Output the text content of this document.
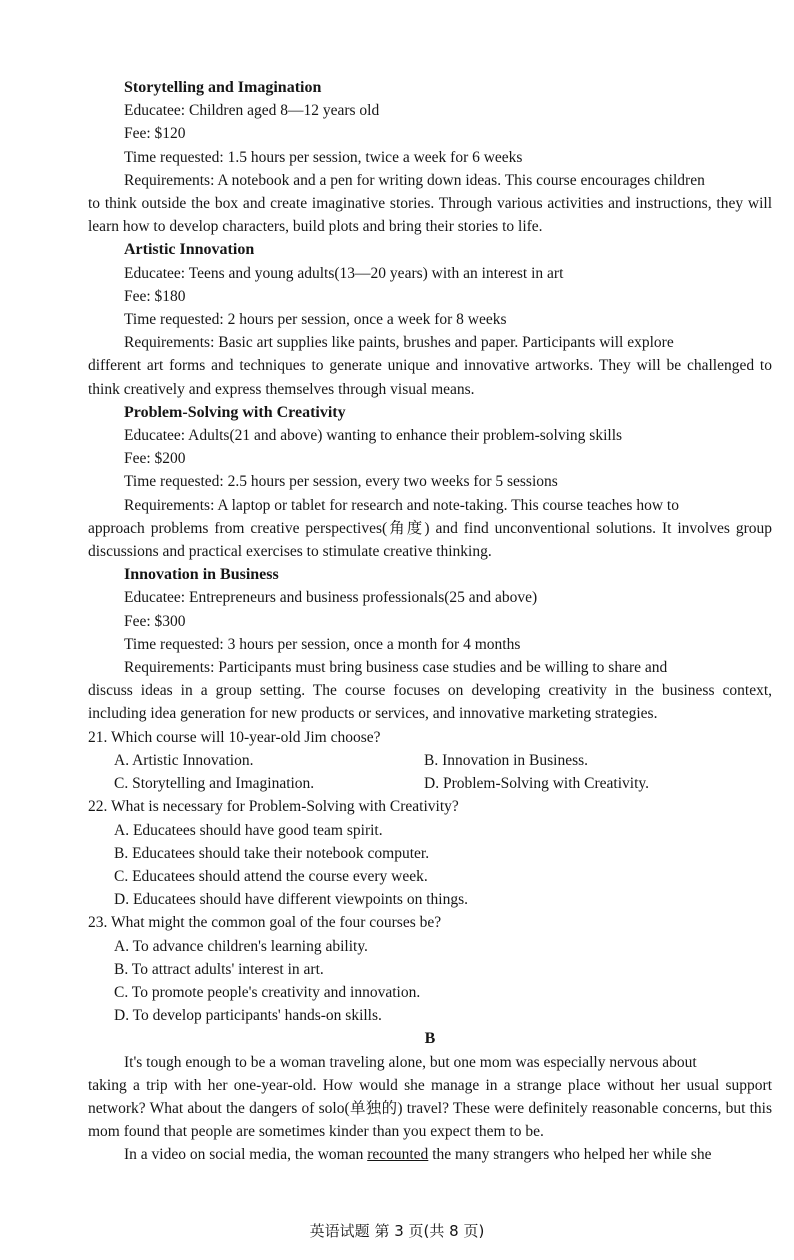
Storytelling and Imagination
Educatee: Children aged 8—12 years old
Fee: $120
Time requested: 1.5 hours per session, twice a week for 6 weeks
Requirements: A notebook and a pen for writing down ideas. This course encourages children
to think outside the box and create imaginative stories. Through various activities and instructions, they will learn how to develop characters, build plots and bring their stories to life.
Artistic Innovation
Educatee: Teens and young adults(13—20 years) with an interest in art
Fee: $180
Time requested: 2 hours per session, once a week for 8 weeks
Requirements: Basic art supplies like paints, brushes and paper. Participants will explore
different art forms and techniques to generate unique and innovative artworks. They will be challenged to think creatively and express themselves through visual means.
Problem-Solving with Creativity
Educatee: Adults(21 and above) wanting to enhance their problem-solving skills
Fee: $200
Time requested: 2.5 hours per session, every two weeks for 5 sessions
Requirements: A laptop or tablet for research and note-taking. This course teaches how to
approach problems from creative perspectives(角度) and find unconventional solutions. It involves group discussions and practical exercises to stimulate creative thinking.
Innovation in Business
Educatee: Entrepreneurs and business professionals(25 and above)
Fee: $300
Time requested: 3 hours per session, once a month for 4 months
Requirements: Participants must bring business case studies and be willing to share and
discuss ideas in a group setting. The course focuses on developing creativity in the business context, including idea generation for new products or services, and innovative marketing strategies.
21. Which course will 10-year-old Jim choose?
A. Artistic Innovation.	B. Innovation in Business.
C. Storytelling and Imagination.	D. Problem-Solving with Creativity.
22. What is necessary for Problem-Solving with Creativity?
A. Educatees should have good team spirit.
B. Educatees should take their notebook computer.
C. Educatees should attend the course every week.
D. Educatees should have different viewpoints on things.
23. What might the common goal of the four courses be?
A. To advance children's learning ability.
B. To attract adults' interest in art.
C. To promote people's creativity and innovation.
D. To develop participants' hands-on skills.
B
It's tough enough to be a woman traveling alone, but one mom was especially nervous about
taking a trip with her one-year-old. How would she manage in a strange place without her usual support network? What about the dangers of solo(单独的) travel? These were definitely reasonable concerns, but this mom found that people are sometimes kinder than you expect them to be.
In a video on social media, the woman recounted the many strangers who helped her while she
英语试题 第 3 页(共 8 页)
